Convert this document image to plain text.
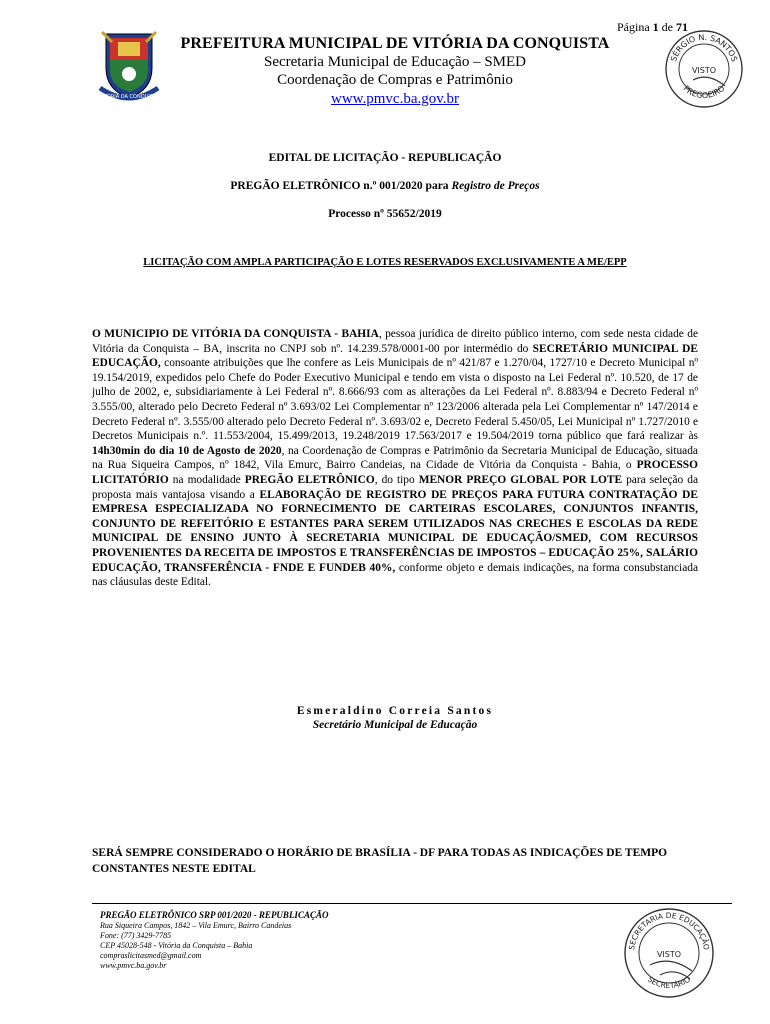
Página 1 de 71
VITÓRIA DA CONQUISTA
PREFEITURA MUNICIPAL DE VITÓRIA DA CONQUISTA
Secretaria Municipal de Educação – SMED
Coordenação de Compras e Patrimônio
www.pmvc.ba.gov.br
SÉRGIO N. SANTOS
VISTO
PREGOEIRO
EDITAL DE LICITAÇÃO - REPUBLICAÇÃO
PREGÃO ELETRÔNICO n.º 001/2020 para Registro de Preços
Processo nº 55652/2019
LICITAÇÃO COM AMPLA PARTICIPAÇÃO E LOTES RESERVADOS EXCLUSIVAMENTE A ME/EPP
O MUNICIPIO DE VITÓRIA DA CONQUISTA - BAHIA, pessoa jurídica de direito público interno, com sede nesta cidade de Vitória da Conquista – BA, inscrita no CNPJ sob nº. 14.239.578/0001-00 por intermédio do SECRETÁRIO MUNICIPAL DE EDUCAÇÃO, consoante atribuições que lhe confere as Leis Municipais de nº 421/87 e 1.270/04, 1727/10 e Decreto Municipal nº 19.154/2019, expedidos pelo Chefe do Poder Executivo Municipal e tendo em vista o disposto na Lei Federal nº. 10.520, de 17 de julho de 2002, e, subsidiariamente à Lei Federal nº. 8.666/93 com as alterações da Lei Federal nº. 8.883/94 e Decreto Federal nº 3.555/00, alterado pelo Decreto Federal nº 3.693/02 Lei Complementar nº 123/2006 alterada pela Lei Complementar nº 147/2014 e Decreto Federal nº. 3.555/00 alterado pelo Decreto Federal nº. 3.693/02 e, Decreto Federal 5.450/05, Lei Municipal nº 1.727/2010 e Decretos Municipais n.º. 11.553/2004, 15.499/2013, 19.248/2019 17.563/2017 e 19.504/2019 torna público que fará realizar às 14h30min do dia 10 de Agosto de 2020, na Coordenação de Compras e Patrimônio da Secretaria Municipal de Educação, situada na Rua Siqueira Campos, nº 1842, Vila Emurc, Bairro Candeias, na Cidade de Vitória da Conquista - Bahia, o PROCESSO LICITATÓRIO na modalidade PREGÃO ELETRÔNICO, do tipo MENOR PREÇO GLOBAL POR LOTE para seleção da proposta mais vantajosa visando a ELABORAÇÃO DE REGISTRO DE PREÇOS PARA FUTURA CONTRATAÇÃO DE EMPRESA ESPECIALIZADA NO FORNECIMENTO DE CARTEIRAS ESCOLARES, CONJUNTOS INFANTIS, CONJUNTO DE REFEITÓRIO E ESTANTES PARA SEREM UTILIZADOS NAS CRECHES E ESCOLAS DA REDE MUNICIPAL DE ENSINO JUNTO À SECRETARIA MUNICIPAL DE EDUCAÇÃO/SMED, COM RECURSOS PROVENIENTES DA RECEITA DE IMPOSTOS E TRANSFERÊNCIAS DE IMPOSTOS – EDUCAÇÃO 25%, SALÁRIO EDUCAÇÃO, TRANSFERÊNCIA - FNDE E FUNDEB 40%, conforme objeto e demais indicações, na forma consubstanciada nas cláusulas deste Edital.
Esmeraldino Correia Santos
Secretário Municipal de Educação
SERÁ SEMPRE CONSIDERADO O HORÁRIO DE BRASÍLIA - DF PARA TODAS AS INDICAÇÕES DE TEMPO CONSTANTES NESTE EDITAL
PREGÃO ELETRÔNICO SRP 001/2020 - REPUBLICAÇÃO
Rua Siqueira Campos, 1842 – Vila Emurc, Bairro Candeias
Fone: (77) 3429-7785
CEP 45028-548 - Vitória da Conquista – Bahia
compraslicitasmed@gmail.com
www.pmvc.ba.gov.br
SECRETARIA DE EDUCAÇÃO
VISTO
SECRETÁRIO
